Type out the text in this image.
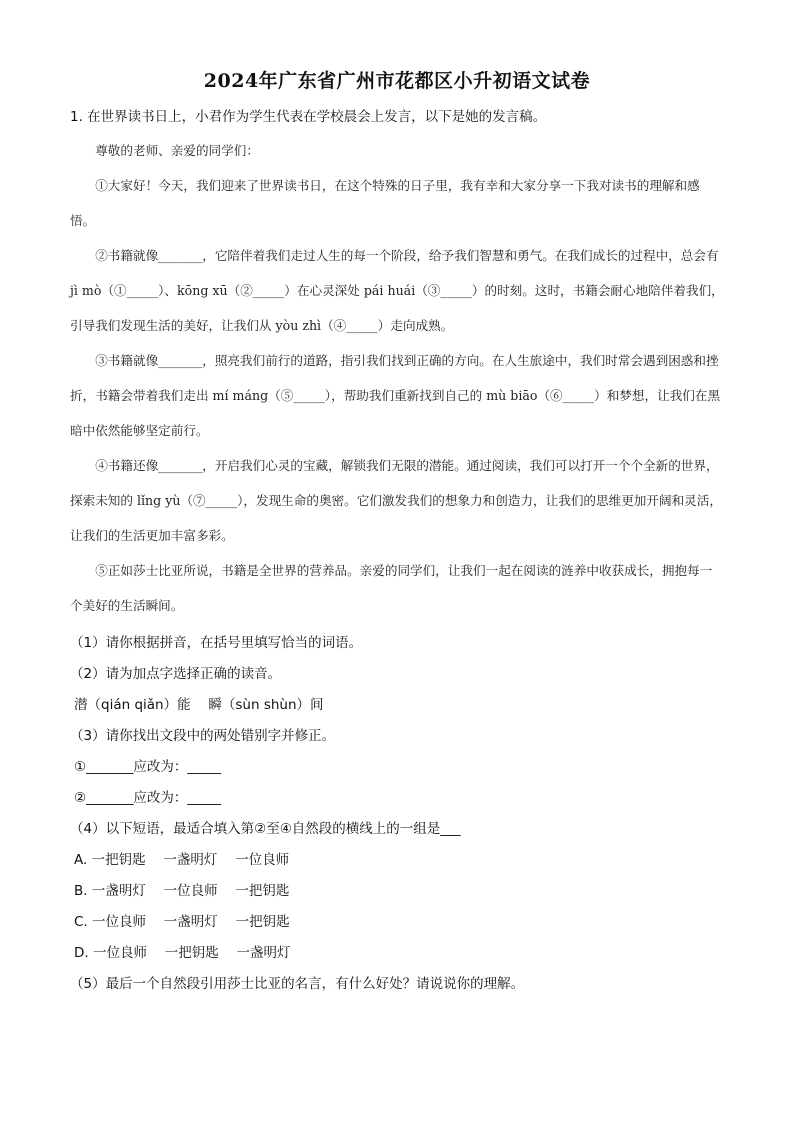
2024年广东省广州市花都区小升初语文试卷
1. 在世界读书日上，小君作为学生代表在学校晨会上发言，以下是她的发言稿。

尊敬的老师、亲爱的同学们：

①大家好！今天，我们迎来了世界读书日，在这个特殊的日子里，我有幸和大家分享一下我对读书的理解和感悟。

②书籍就像_______，它陪伴着我们走过人生的每一个阶段，给予我们智慧和勇气。在我们成长的过程中，总会有 jì mò（①_____）、kōng xū（②_____）在心灵深处 pái huái（③_____）的时刻。这时，书籍会耐心地陪伴着我们，引导我们发现生活的美好，让我们从 yòu zhì（④_____）走向成熟。

③书籍就像_______，照亮我们前行的道路，指引我们找到正确的方向。在人生旅途中，我们时常会遇到困惑和挫折，书籍会带着我们走出 mí máng（⑤_____），帮助我们重新找到自己的 mù biāo（⑥_____）和梦想，让我们在黑暗中依然能够坚定前行。

④书籍还像_______，开启我们心灵的宝藏，解锁我们无限的潜能。通过阅读，我们可以打开一个个全新的世界，探索未知的 lǐng yù（⑦_____），发现生命的奥密。它们激发我们的想象力和创造力，让我们的思维更加开阔和灵活，让我们的生活更加丰富多彩。

⑤正如莎士比亚所说，书籍是全世界的营养品。亲爱的同学们，让我们一起在阅读的涟养中收获成长，拥抱每一个美好的生活瞬间。

（1）请你根据拼音，在括号里填写恰当的词语。

（2）请为加点字选择正确的读音。

潜（qián qiǎn）能　 瞬（sùn shùn）间

（3）请你找出文段中的两处错别字并修正。

①_______应改为：_____

②_______应改为：_____

（4）以下短语，最适合填入第②至④自然段的横线上的一组是___

A. 一把钥匙　 一盏明灯　 一位良师

B. 一盏明灯　 一位良师　 一把钥匙

C. 一位良师　 一盏明灯　 一把钥匙

D. 一位良师　 一把钥匙　 一盏明灯

（5）最后一个自然段引用莎士比亚的名言，有什么好处？请说说你的理解。
